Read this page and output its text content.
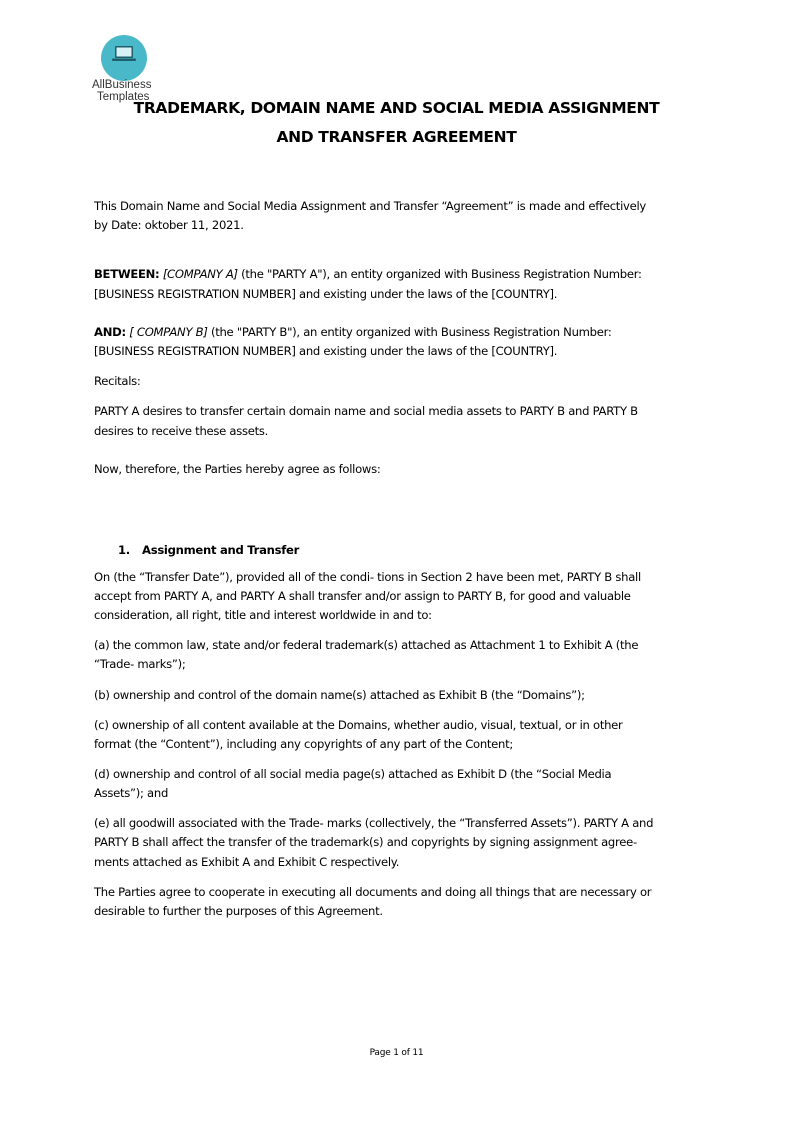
AllBusiness
Templates
TRADEMARK, DOMAIN NAME AND SOCIAL MEDIA ASSIGNMENT
AND TRANSFER AGREEMENT
This Domain Name and Social Media Assignment and Transfer “Agreement” is made and effectively
by Date: oktober 11, 2021.
BETWEEN: [COMPANY A] (the "PARTY A"), an entity organized with Business Registration Number:
[BUSINESS REGISTRATION NUMBER] and existing under the laws of the [COUNTRY].
AND: [ COMPANY B] (the "PARTY B"), an entity organized with Business Registration Number:
[BUSINESS REGISTRATION NUMBER] and existing under the laws of the [COUNTRY].
Recitals:
PARTY A desires to transfer certain domain name and social media assets to PARTY B and PARTY B
desires to receive these assets.
Now, therefore, the Parties hereby agree as follows:
1. Assignment and Transfer
On (the “Transfer Date”), provided all of the condi- tions in Section 2 have been met, PARTY B shall
accept from PARTY A, and PARTY A shall transfer and/or assign to PARTY B, for good and valuable
consideration, all right, title and interest worldwide in and to:
(a) the common law, state and/or federal trademark(s) attached as Attachment 1 to Exhibit A (the
“Trade- marks”);
(b) ownership and control of the domain name(s) attached as Exhibit B (the “Domains”);
(c) ownership of all content available at the Domains, whether audio, visual, textual, or in other
format (the “Content”), including any copyrights of any part of the Content;
(d) ownership and control of all social media page(s) attached as Exhibit D (the “Social Media
Assets”); and
(e) all goodwill associated with the Trade- marks (collectively, the “Transferred Assets”). PARTY A and
PARTY B shall affect the transfer of the trademark(s) and copyrights by signing assignment agree-
ments attached as Exhibit A and Exhibit C respectively.
The Parties agree to cooperate in executing all documents and doing all things that are necessary or
desirable to further the purposes of this Agreement.
Page 1 of 11
